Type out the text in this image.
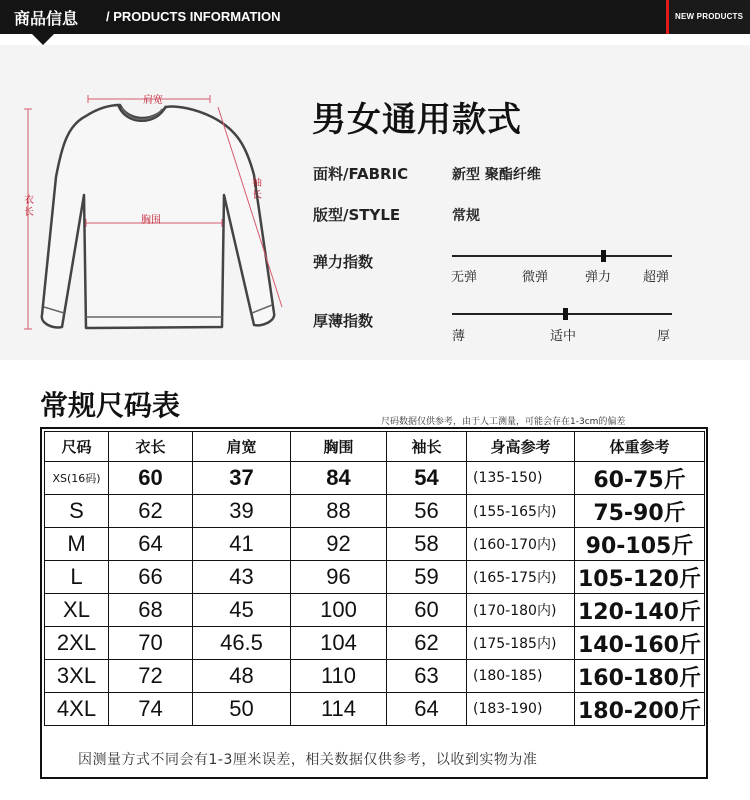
商品信息 / PRODUCTS INFORMATION	NEW PRODUCTS
肩宽
胸围
衣长
袖长
男女通用款式
面料/FABRIC	新型 聚酯纤维
版型/STYLE	常规
弹力指数
无弹	微弹	弹力 超弹
厚薄指数
薄	适中	厚
常规尺码表	尺码数据仅供参考，由于人工测量，可能会存在1-3cm的偏差
尺码	衣长	肩宽	胸围	袖长	身高参考	体重参考
XS(16码)	60	37	84	54	(135-150)	60-75斤
S	62	39	88	56	(155-165内)	75-90斤
M	64	41	92	58	(160-170内)	90-105斤
L	66	43	96	59	(165-175内)	105-120斤
XL	68	45	100	60	(170-180内)	120-140斤
2XL	70	46.5	104	62	(175-185内)	140-160斤
3XL	72	48	110	63	(180-185)	160-180斤
4XL	74	50	114	64	(183-190)	180-200斤
因测量方式不同会有1-3厘米误差，相关数据仅供参考，以收到实物为准
